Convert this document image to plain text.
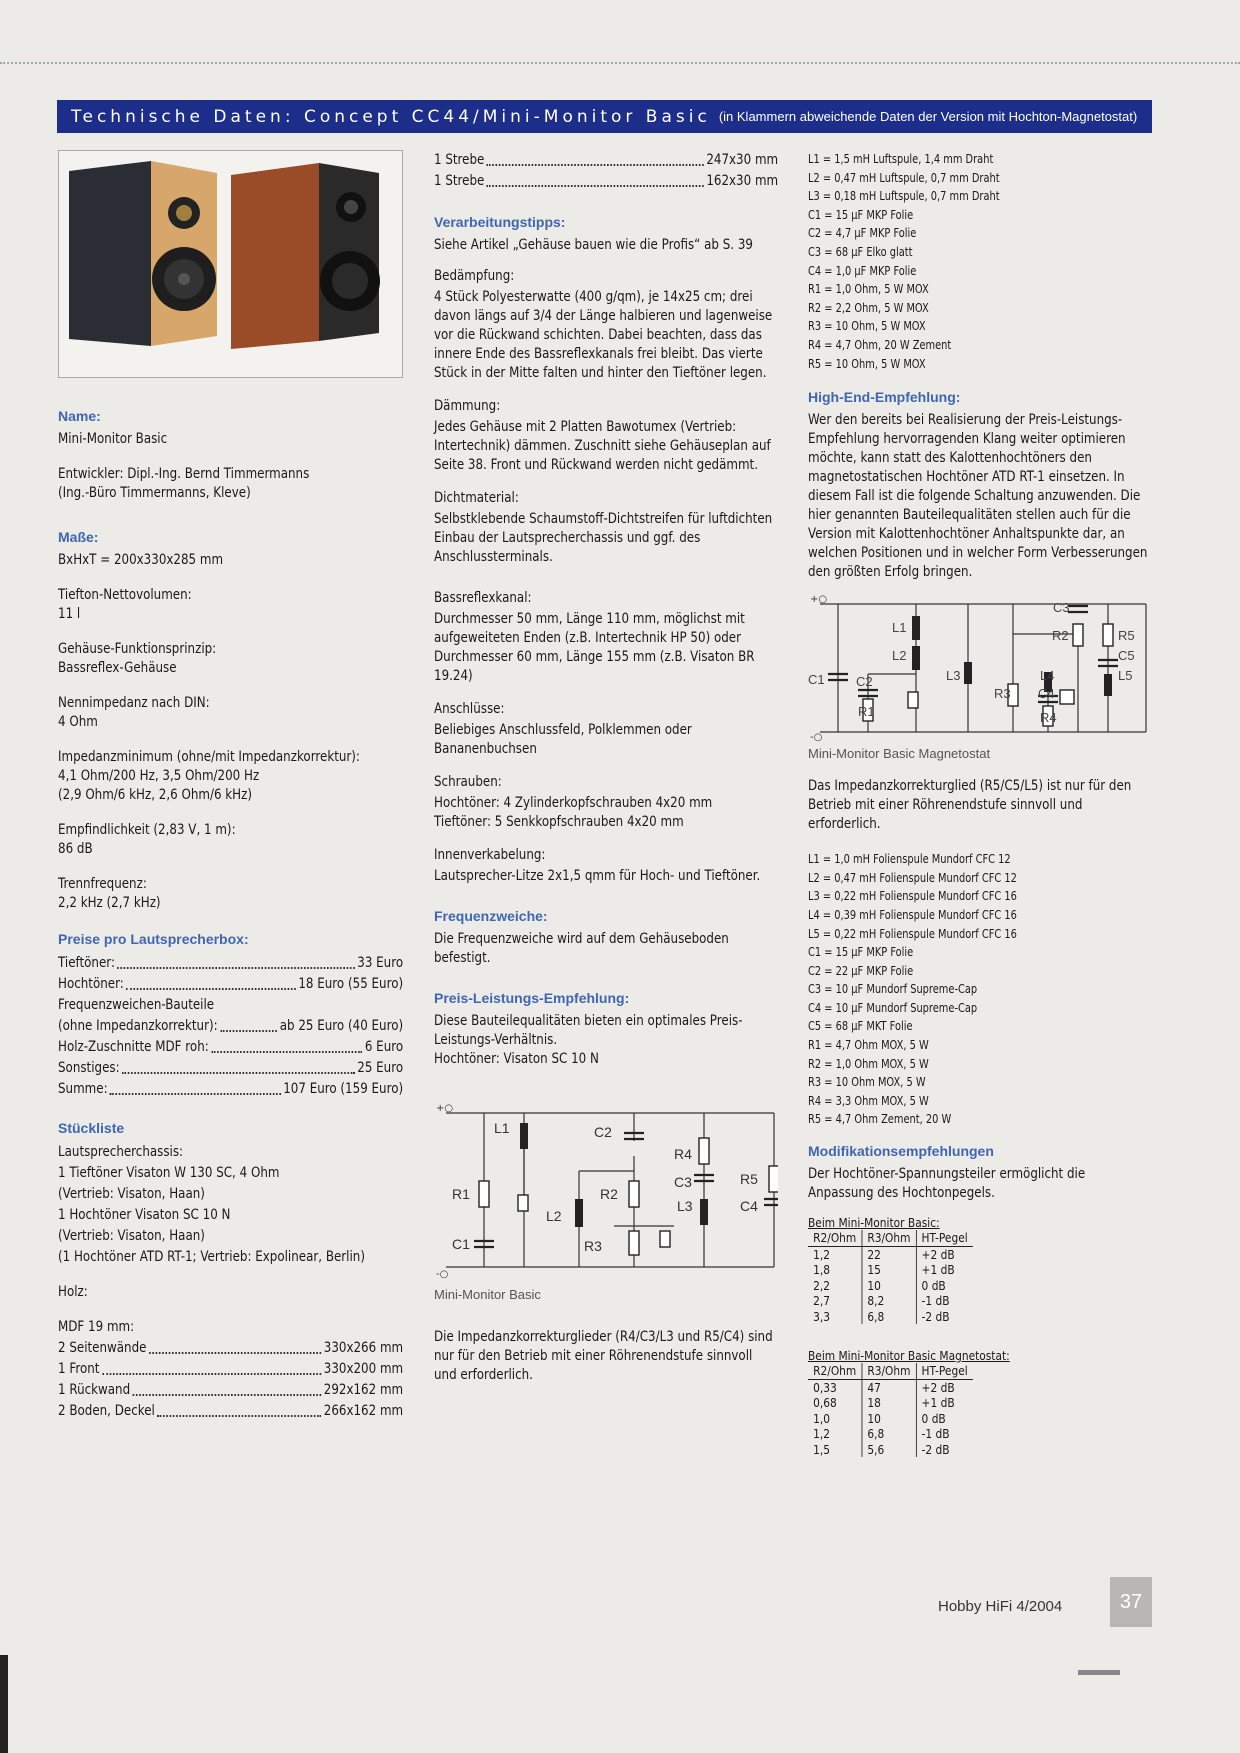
Technische Daten: Concept CC44/Mini-Monitor Basic (in Klammern abweichende Daten der Version mit Hochton-Magnetostat)
Name:

Mini-Monitor Basic

Entwickler: Dipl.-Ing. Bernd Timmermanns
(Ing.-Büro Timmermanns, Kleve)

Maße:

BxHxT = 200x330x285 mm

Tiefton-Nettovolumen:
11 l

Gehäuse-Funktionsprinzip:
Bassreflex-Gehäuse

Nennimpedanz nach DIN:
4 Ohm

Impedanzminimum (ohne/mit Impedanzkorrektur):
4,1 Ohm/200 Hz, 3,5 Ohm/200 Hz
(2,9 Ohm/6 kHz, 2,6 Ohm/6 kHz)

Empfindlichkeit (2,83 V, 1 m):
86 dB

Trennfrequenz:
2,2 kHz (2,7 kHz)

Preise pro Lautsprecherbox:
Tieftöner:	33 Euro
Hochtöner:	18 Euro (55 Euro)
Frequenzweichen-Bauteile
(ohne Impedanzkorrektur):	ab 25 Euro (40 Euro)
Holz-Zuschnitte MDF roh:	6 Euro
Sonstiges:	25 Euro
Summe:	107 Euro (159 Euro)
Stückliste
Lautsprecherchassis:
1 Tieftöner Visaton W 130 SC, 4 Ohm
(Vertrieb: Visaton, Haan)
1 Hochtöner Visaton SC 10 N
(Vertrieb: Visaton, Haan)
(1 Hochtöner ATD RT-1; Vertrieb: Expolinear, Berlin)
Holz:
MDF 19 mm:
2 Seitenwände	330x266 mm
1 Front	330x200 mm
1 Rückwand	292x162 mm
2 Boden, Deckel	266x162 mm
1 Strebe	247x30 mm
1 Strebe	162x30 mm
Verarbeitungstipps:

Siehe Artikel „Gehäuse bauen wie die Profis“ ab S. 39

Bedämpfung:

4 Stück Polyesterwatte (400 g/qm), je 14x25 cm; drei davon längs auf 3/4 der Länge halbieren und lagenweise vor die Rückwand schichten. Dabei beachten, dass das innere Ende des Bassreflexkanals frei bleibt. Das vierte Stück in der Mitte falten und hinter den Tieftöner legen.

Dämmung:

Jedes Gehäuse mit 2 Platten Bawotumex (Vertrieb: Intertechnik) dämmen. Zuschnitt siehe Gehäuseplan auf Seite 38. Front und Rückwand werden nicht gedämmt.

Dichtmaterial:

Selbstklebende Schaumstoff-Dichtstreifen für luftdichten Einbau der Lautsprecherchassis und ggf. des Anschlussterminals.

Bassreflexkanal:

Durchmesser 50 mm, Länge 110 mm, möglichst mit aufgeweiteten Enden (z.B. Intertechnik HP 50) oder Durchmesser 60 mm, Länge 155 mm (z.B. Visaton BR 19.24)

Anschlüsse:

Beliebiges Anschlussfeld, Polklemmen oder Bananenbuchsen

Schrauben:

Hochtöner: 4 Zylinderkopfschrauben 4x20 mm
Tieftöner: 5 Senkkopfschrauben 4x20 mm

Innenverkabelung:

Lautsprecher-Litze 2x1,5 qmm für Hoch- und Tieftöner.

Frequenzweiche:

Die Frequenzweiche wird auf dem Gehäuseboden befestigt.

Preis-Leistungs-Empfehlung:

Diese Bauteilequalitäten bieten ein optimales Preis-Leistungs-Verhältnis.
Hochtöner: Visaton SC 10 N

+○
-○
L1	C2
R4
C3	R5
C4
R1
C1
L2
R2
R3
L3
Mini-Monitor Basic

Die Impedanzkorrekturglieder (R4/C3/L3 und R5/C4) sind nur für den Betrieb mit einer Röhrenendstufe sinnvoll und erforderlich.

L1 = 1,5 mH Luftspule, 1,4 mm Draht
L2 = 0,47 mH Luftspule, 0,7 mm Draht
L3 = 0,18 mH Luftspule, 0,7 mm Draht
C1 = 15 µF MKP Folie
C2 = 4,7 µF MKP Folie
C3 = 68 µF Elko glatt
C4 = 1,0 µF MKP Folie
R1 = 1,0 Ohm, 5 W MOX
R2 = 2,2 Ohm, 5 W MOX
R3 = 10 Ohm, 5 W MOX
R4 = 4,7 Ohm, 20 W Zement
R5 = 10 Ohm, 5 W MOX
High-End-Empfehlung:

Wer den bereits bei Realisierung der Preis-Leistungs-Empfehlung hervorragenden Klang weiter optimieren möchte, kann statt des Kalottenhochtöners den magnetostatischen Hochtöner ATD RT-1 einsetzen. In diesem Fall ist die folgende Schaltung anzuwenden. Die hier genannten Bauteilequalitäten stellen auch für die Version mit Kalottenhochtöner Anhaltspunkte dar, an welchen Positionen und in welcher Form Verbesserungen den größten Erfolg bringen.

+○
-○
C3
L1
R2	R5
L2	C5
C1 C2	L3	L4	L5
R1
R3 C4
R4
Mini-Monitor Basic Magnetostat

Das Impedanzkorrekturglied (R5/C5/L5) ist nur für den Betrieb mit einer Röhrenendstufe sinnvoll und erforderlich.

L1 = 1,0 mH Folienspule Mundorf CFC 12
L2 = 0,47 mH Folienspule Mundorf CFC 12
L3 = 0,22 mH Folienspule Mundorf CFC 16
L4 = 0,39 mH Folienspule Mundorf CFC 16
L5 = 0,22 mH Folienspule Mundorf CFC 16
C1 = 15 µF MKP Folie
C2 = 22 µF MKP Folie
C3 = 10 µF Mundorf Supreme-Cap
C4 = 10 µF Mundorf Supreme-Cap
C5 = 68 µF MKT Folie
R1 = 4,7 Ohm MOX, 5 W
R2 = 1,0 Ohm MOX, 5 W
R3 = 10 Ohm MOX, 5 W
R4 = 3,3 Ohm MOX, 5 W
R5 = 4,7 Ohm Zement, 20 W
Modifikationsempfehlungen

Der Hochtöner-Spannungsteiler ermöglicht die Anpassung des Hochtonpegels.

Beim Mini-Monitor Basic:
R2/Ohm	R3/Ohm	HT-Pegel
1,2	22	+2 dB
1,8	15	+1 dB
2,2	10	0 dB
2,7	8,2	-1 dB
3,3	6,8	-2 dB
Beim Mini-Monitor Basic Magnetostat:
R2/Ohm	R3/Ohm	HT-Pegel
0,33	47	+2 dB
0,68	18	+1 dB
1,0	10	0 dB
1,2	6,8	-1 dB
1,5	5,6	-2 dB
Hobby HiFi 4/2004	37
